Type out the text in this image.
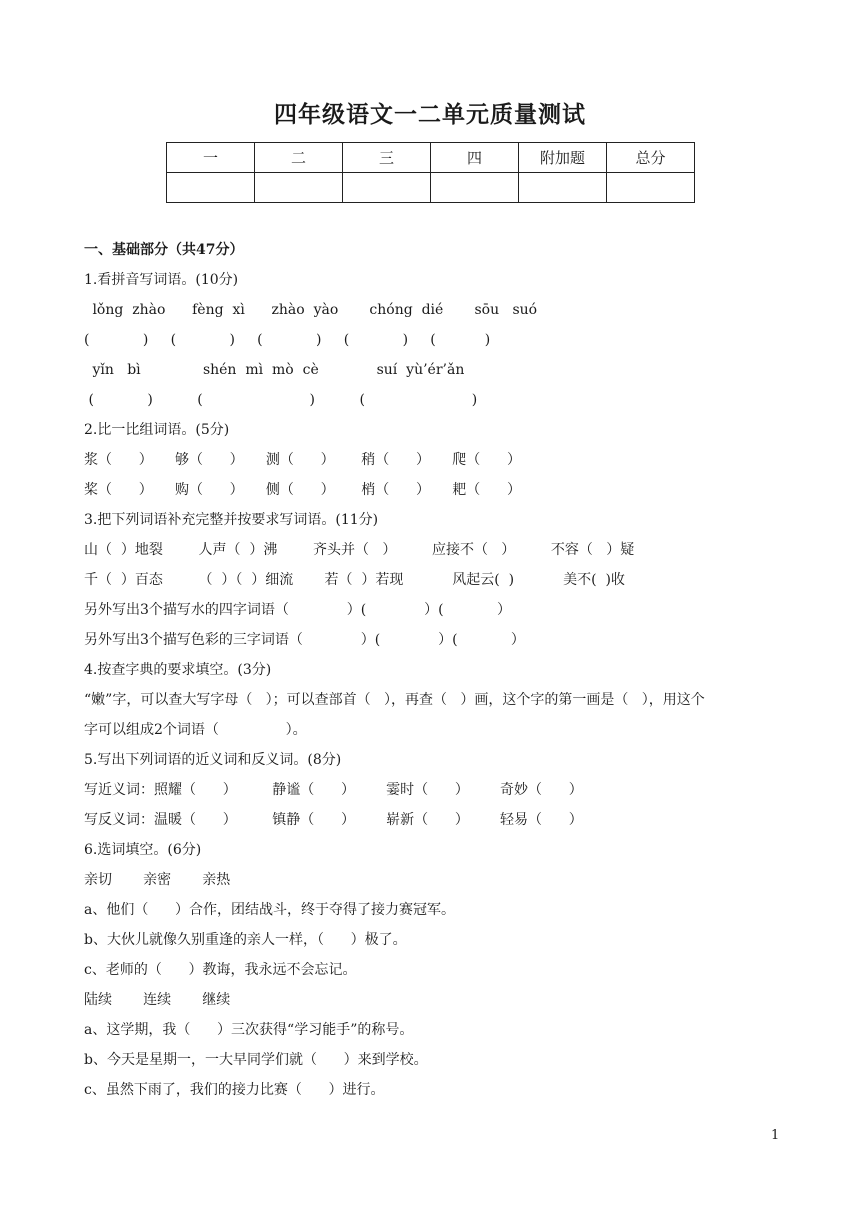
四年级语文一二单元质量测试
一	二	三	四	附加题	总分

一、基础部分（共47分）
1.看拼音写词语。(10分)
lǒng  zhào      fèng  xì      zhào  yào       chóng  dié       sōu   suó
(            )     (            )     (            )     (            )     (           )
yǐn   bì              shén  mì  mò  cè             suí  yù’ér’ǎn
(            )          (                        )          (                        )
2.比一比组词语。(5分)
浆（      ）     够（      ）     测（      ）      稍（      ）     爬（      ）
桨（      ）     购（      ）     侧（      ）      梢（      ）     耙（      ）
3.把下列词语补充完整并按要求写词语。(11分)
山（  ）地裂        人声（  ）沸        齐头并（   ）        应接不（   ）        不容（   ）疑
千（  ）百态        （  ）（  ）细流       若（  ）若现           风起云(  )           美不(  )收
另外写出3个描写水的四字词语（             ）(             ）(            ）
另外写出3个描写色彩的三字词语（             ）(             ）(            ）
4.按查字典的要求填空。(3分)
“嫩”字，可以查大写字母（   ）；可以查部首（   ），再查（   ）画，这个字的第一画是（   ），用这个
字可以组成2个词语（               ）。
5.写出下列词语的近义词和反义词。(8分)
写近义词：照耀（      ）        静谧（      ）       霎时（      ）       奇妙（      ）
写反义词：温暖（      ）        镇静（      ）       崭新（      ）       轻易（      ）
6.选词填空。(6分)
亲切       亲密       亲热
a、他们（      ）合作，团结战斗，终于夺得了接力赛冠军。
b、大伙儿就像久别重逢的亲人一样，（      ）极了。
c、老师的（      ）教诲，我永远不会忘记。
陆续       连续       继续
a、这学期，我（      ）三次获得“学习能手”的称号。
b、今天是星期一，一大早同学们就（      ）来到学校。
c、虽然下雨了，我们的接力比赛（      ）进行。
1
